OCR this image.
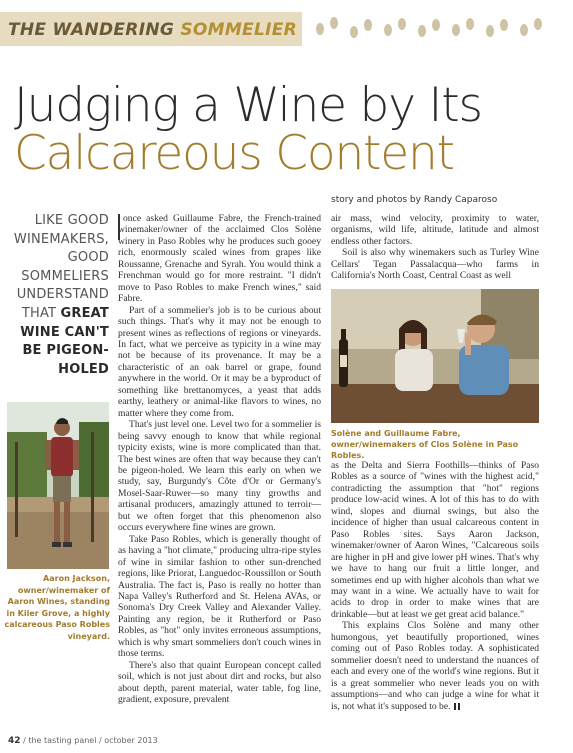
THE WANDERING SOMMELIER
Judging a Wine by Its
Calcareous Content
story and photos by Randy Caparoso
LIKE GOOD WINEMAKERS, GOOD SOMMELIERS UNDERSTAND THAT GREAT WINE CAN'T BE PIGEON-HOLED
Aaron Jackson, owner/winemaker of Aaron Wines, standing in Kiler Grove, a highly calcareous Paso Robles vineyard.

once asked Guillaume Fabre, the French-trained winemaker/owner of the acclaimed Clos Solène winery in Paso Robles why he produces such gooey rich, enormously scaled wines from grapes like Roussanne, Grenache and Syrah. You would think a Frenchman would go for more restraint. "I didn't move to Paso Robles to make French wines," said Fabre.

Part of a sommelier's job is to be curious about such things. That's why it may not be enough to present wines as reflections of regions or vineyards. In fact, what we perceive as typicity in a wine may not be because of its provenance. It may be a characteristic of an oak barrel or grape, found anywhere in the world. Or it may be a byproduct of something like brettanomyces, a yeast that adds earthy, leathery or animal-like flavors to wines, no matter where they come from.

That's just level one. Level two for a sommelier is being savvy enough to know that while regional typicity exists, wine is more complicated than that. The best wines are often that way because they can't be pigeon-holed. We learn this early on when we study, say, Burgundy's Côte d'Or or Germany's Mosel-Saar-Ruwer—so many tiny growths and artisanal producers, amazingly attuned to terroir—but we often forget that this phenomenon also occurs everywhere fine wines are grown.

Take Paso Robles, which is generally thought of as having a "hot climate," producing ultra-ripe styles of wine in similar fashion to other sun-drenched regions, like Priorat, Languedoc-Roussillon or South Australia. The fact is, Paso is really no hotter than Napa Valley's Rutherford and St. Helena AVAs, or Sonoma's Dry Creek Valley and Alexander Valley. Painting any region, be it Rutherford or Paso Robles, as "hot" only invites erroneous assumptions, which is why smart sommeliers don't couch wines in those terms.

There's also that quaint European concept called soil, which is not just about dirt and rocks, but also about depth, parent material, water table, fog line, gradient, exposure, prevalent

air mass, wind velocity, proximity to water, organisms, wild life, altitude, latitude and almost endless other factors.

Soil is also why winemakers such as Turley Wine Cellars' Tegan Passalacqua—who farms in California's North Coast, Central Coast as well

Solène and Guillaume Fabre, owner/winemakers of Clos Solène in Paso Robles.

as the Delta and Sierra Foothills—thinks of Paso Robles as a source of "wines with the highest acid," contradicting the assumption that "hot" regions produce low-acid wines. A lot of this has to do with wind, slopes and diurnal swings, but also the incidence of higher than usual calcareous content in Paso Robles sites. Says Aaron Jackson, winemaker/owner of Aaron Wines, "Calcareous soils are higher in pH and give lower pH wines. That's why we have to hang our fruit a little longer, and sometimes end up with higher alcohols than what we may want in a wine. We actually have to wait for acids to drop in order to make wines that are drinkable—but at least we get great acid balance."

This explains Clos Solène and many other humongous, yet beautifully proportioned, wines coming out of Paso Robles today. A sophisticated sommelier doesn't need to understand the nuances of each and every one of the world's wine regions. But it is a great sommelier who never leads you on with assumptions—and who can judge a wine for what it is, not what it's supposed to be.

42 / the tasting panel / october 2013
